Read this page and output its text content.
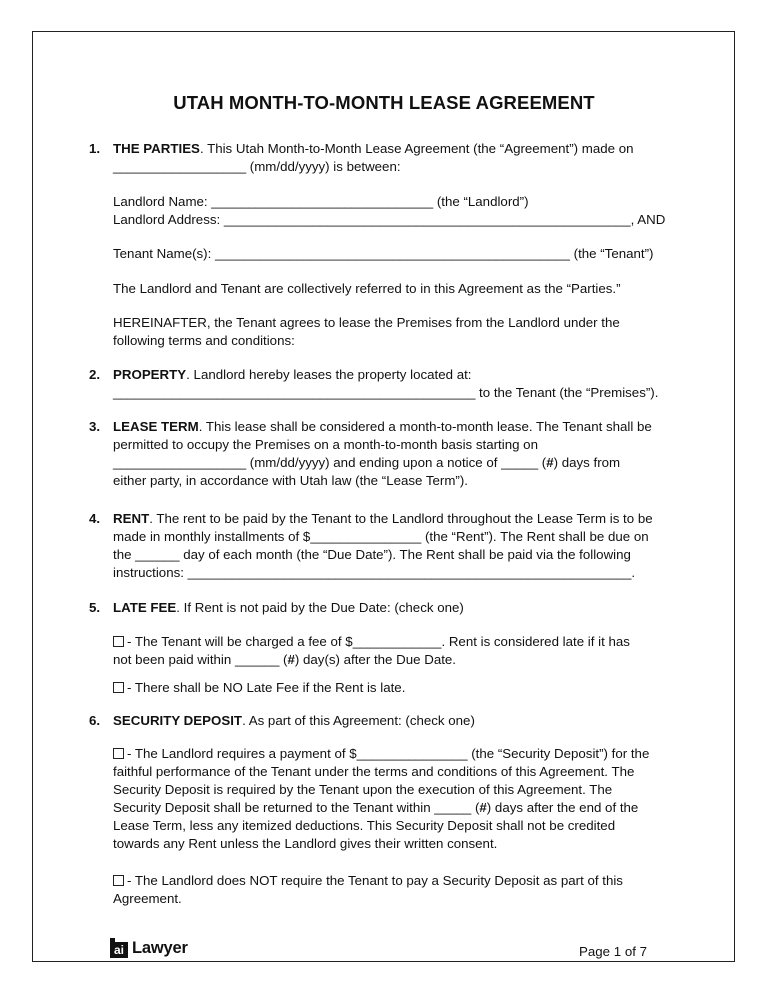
UTAH MONTH-TO-MONTH LEASE AGREEMENT
1. THE PARTIES. This Utah Month-to-Month Lease Agreement (the “Agreement”) made on
__________________ (mm/dd/yyyy) is between:
Landlord Name: ______________________________ (the “Landlord”)
Landlord Address: _______________________________________________________, AND
Tenant Name(s): ________________________________________________ (the “Tenant”)
The Landlord and Tenant are collectively referred to in this Agreement as the “Parties.”
HEREINAFTER, the Tenant agrees to lease the Premises from the Landlord under the
following terms and conditions:
2. PROPERTY. Landlord hereby leases the property located at:
_________________________________________________ to the Tenant (the “Premises”).
3. LEASE TERM. This lease shall be considered a month-to-month lease. The Tenant shall be
permitted to occupy the Premises on a month-to-month basis starting on
__________________ (mm/dd/yyyy) and ending upon a notice of _____ (#) days from
either party, in accordance with Utah law (the “Lease Term”).
4. RENT. The rent to be paid by the Tenant to the Landlord throughout the Lease Term is to be
made in monthly installments of $_______________ (the “Rent”). The Rent shall be due on
the ______ day of each month (the “Due Date”). The Rent shall be paid via the following
instructions: ____________________________________________________________.
5. LATE FEE. If Rent is not paid by the Due Date: (check one)
- The Tenant will be charged a fee of $____________. Rent is considered late if it has
not been paid within ______ (#) day(s) after the Due Date.
- There shall be NO Late Fee if the Rent is late.
6. SECURITY DEPOSIT. As part of this Agreement: (check one)
- The Landlord requires a payment of $_______________ (the “Security Deposit”) for the
faithful performance of the Tenant under the terms and conditions of this Agreement. The
Security Deposit is required by the Tenant upon the execution of this Agreement. The
Security Deposit shall be returned to the Tenant within _____ (#) days after the end of the
Lease Term, less any itemized deductions. This Security Deposit shall not be credited
towards any Rent unless the Landlord gives their written consent.
- The Landlord does NOT require the Tenant to pay a Security Deposit as part of this
Agreement.
ai Lawyer	Page 1 of 7
